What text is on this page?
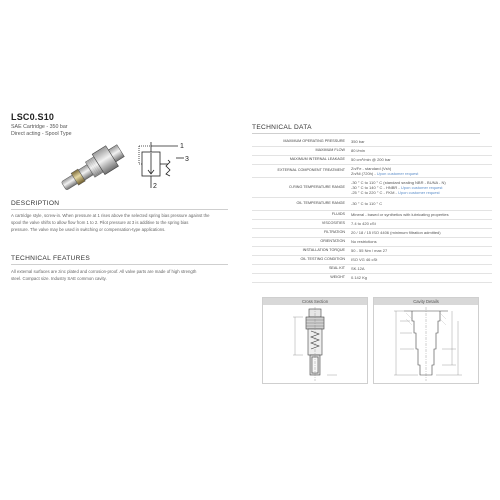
LSC0.S10
SAE Cartridge - 350 bar
Direct acting - Spool Type
1
3
2
DESCRIPTION
A cartridge style, screw-in. When pressure at 1 rises above the selected spring bias pressure against the
spool the valve shifts to allow flow from 1 to 2. Pilot pressure at 3 is additive to the spring bias
pressure. The valve may be used in switching or compensation-type applications.
TECHNICAL FEATURES
All external surfaces are zinc plated and corrosion-proof. All valve parts are made of high strength
steel. Compact size. Industry SAE common cavity.
TECHNICAL DATA
MAXIMUM OPERATING PRESSURE	350 bar

MAXIMUM FLOW	80 l/min

MAXIMUM INTERNAL LEAKAGE	50 cm³/min @ 200 bar

EXTERNAL COMPONENT TREATMENT	Zn/Fe - standard (Vsh)
Zn/Ni (720h) - Upon customer request

O-RING TEMPERATURE RANGE	-30 ° C to 110 ° C (standard sealing NBR - BUNA - N)
-30 ° C to 140 ° C - HNBR - Upon customer request
-25 ° C to 220 ° C - FKM - Upon customer request

OIL TEMPERATURE RANGE	-30 ° C to 110 ° C

FLUIDS	Mineral - based or synthetics with lubricating properties

VISCOSITIES	7.4 to 420 cSt

FILTRATION	20 / 18 / 15 ISO 4406 (minimum filtration admitted)

ORIENTATION	No restrictions

INSTALLATION TORQUE	50 - 55 Nm / max 27

OIL TESTING CONDITION	ISO VG 46 cSt

SEAL KIT	SK.12A

WEIGHT	0.142 Kg
Cross Section	Cavity Details
